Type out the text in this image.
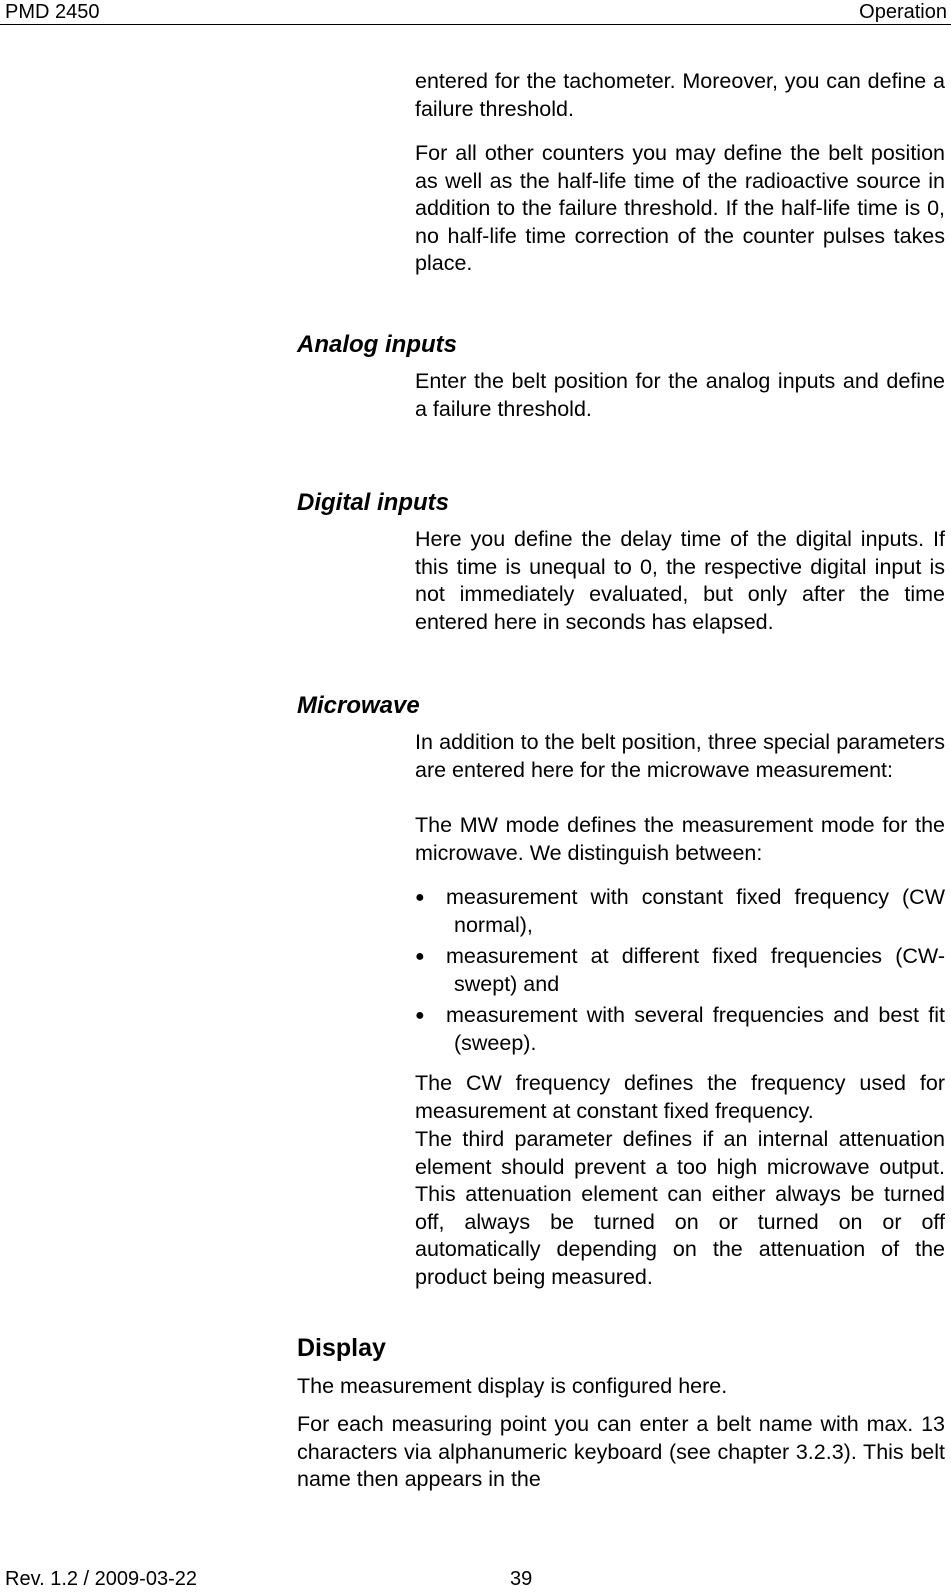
PMD 2450	Operation

entered for the tachometer. Moreover, you can define a failure threshold.

For all other counters you may define the belt position as well as the half-life time of the radioactive source in addition to the failure threshold. If the half-life time is 0, no half-life time correction of the counter pulses takes place.

Analog inputs

Enter the belt position for the analog inputs and define a failure threshold.

Digital inputs

Here you define the delay time of the digital inputs. If this time is unequal to 0, the respective digital input is not immediately evaluated, but only after the time entered here in seconds has elapsed.

Microwave

In addition to the belt position, three special parameters are entered here for the microwave measurement:

The MW mode defines the measurement mode for the microwave. We distinguish between:

● measurement with constant fixed frequency (CW normal),
● measurement at different fixed frequencies (CW-swept) and
● measurement with several frequencies and best fit (sweep).

The CW frequency defines the frequency used for measurement at constant fixed frequency.

The third parameter defines if an internal attenuation element should prevent a too high microwave output. This attenuation element can either always be turned off, always be turned on or turned on or off automatically depending on the attenuation of the product being measured.

Display

The measurement display is configured here.

For each measuring point you can enter a belt name with max. 13 characters via alphanumeric keyboard (see chapter 3.2.3). This belt name then appears in the

Rev. 1.2 / 2009-03-22	39
